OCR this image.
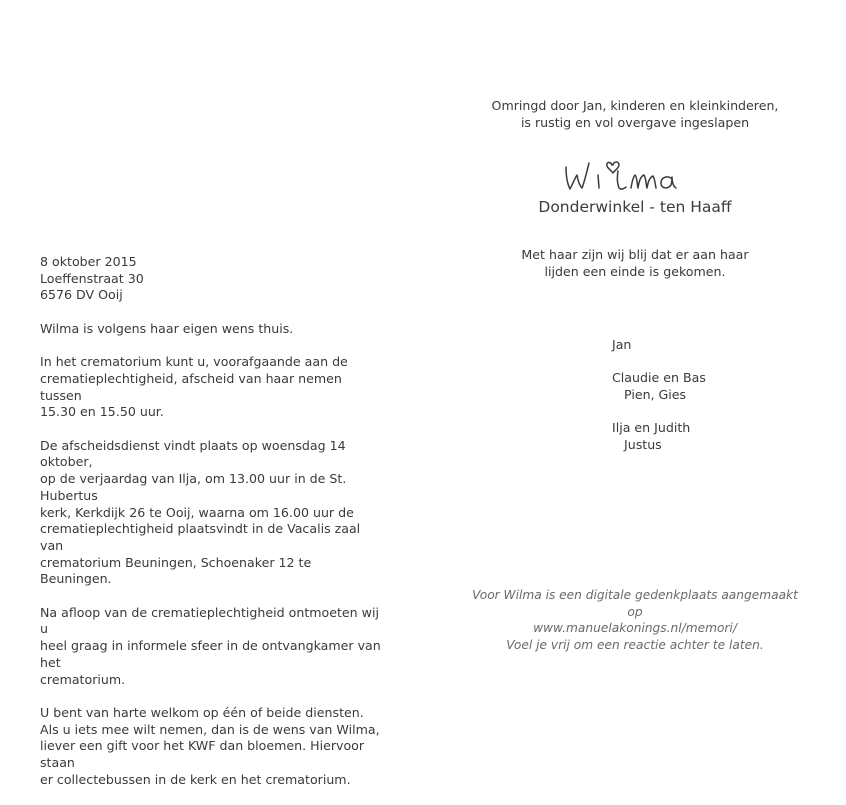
8 oktober 2015
Loeffenstraat 30
6576 DV Ooij

Wilma is volgens haar eigen wens thuis.

In het crematorium kunt u, voorafgaande aan de
crematieplechtigheid, afscheid van haar nemen tussen
15.30 en 15.50 uur.

De afscheidsdienst vindt plaats op woensdag 14 oktober,
op de verjaardag van Ilja, om 13.00 uur in de St. Hubertus
kerk, Kerkdijk 26 te Ooij, waarna om 16.00 uur de
crematieplechtigheid plaatsvindt in de Vacalis zaal van
crematorium Beuningen, Schoenaker 12 te Beuningen.

Na afloop van de crematieplechtigheid ontmoeten wij u
heel graag in informele sfeer in de ontvangkamer van het
crematorium.

U bent van harte welkom op één of beide diensten.
Als u iets mee wilt nemen, dan is de wens van Wilma,
liever een gift voor het KWF dan bloemen. Hiervoor staan
er collectebussen in de kerk en het crematorium.

Omringd door Jan, kinderen en kleinkinderen,

is rustig en vol overgave ingeslapen

Donderwinkel - ten Haaff

Met haar zijn wij blij dat er aan haar

lijden een einde is gekomen.

Jan
Claudie en Bas
Pien, Gies
Ilja en Judith
Justus

Voor Wilma is een digitale gedenkplaats aangemaakt op

www.manuelakonings.nl/memori/

Voel je vrij om een reactie achter te laten.
